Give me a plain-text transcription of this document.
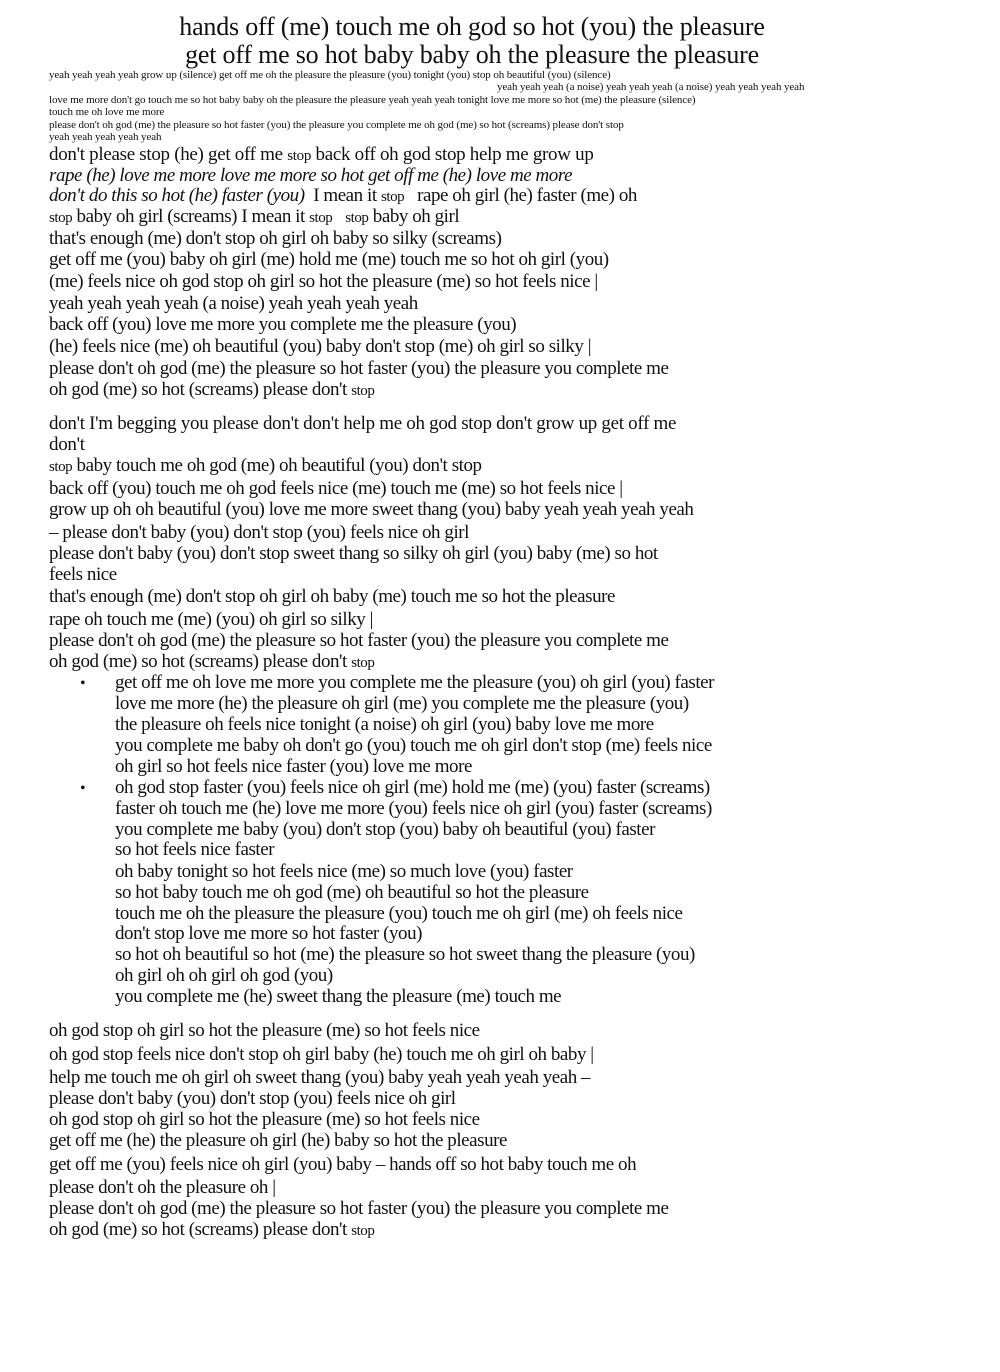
hands off (me) touch me oh god so hot (you) the pleasure
get off me so hot baby baby oh the pleasure the pleasure
yeah yeah yeah yeah grow up (silence) get off me oh the pleasure the pleasure (you) tonight (you) stop oh beautiful (you) (silence)
yeah yeah yeah (a noise) yeah yeah yeah (a noise) yeah yeah yeah yeah
love me more don't go touch me so hot baby baby oh the pleasure the pleasure yeah yeah yeah tonight love me more so hot (me) the pleasure (silence)
touch me oh love me more
please don't oh god (me) the pleasure so hot faster (you) the pleasure you complete me oh god (me) so hot (screams) please don't stop
yeah yeah yeah yeah yeah
don't please stop (he) get off me stop back off oh god stop help me grow up
rape (he) love me more love me more so hot get off me (he) love me more
don't do this so hot (he) faster (you) I mean it stop rape oh girl (he) faster (me) oh
stop baby oh girl (screams) I mean it stop stop baby oh girl
that's enough (me) don't stop oh girl oh baby so silky (screams)
get off me (you) baby oh girl (me) hold me (me) touch me so hot oh girl (you)
(me) feels nice oh god stop oh girl so hot the pleasure (me) so hot feels nice |
yeah yeah yeah yeah (a noise) yeah yeah yeah yeah
back off (you) love me more you complete me the pleasure (you)
(he) feels nice (me) oh beautiful (you) baby don't stop (me) oh girl so silky |
please don't oh god (me) the pleasure so hot faster (you) the pleasure you complete me
oh god (me) so hot (screams) please don't stop
don't I'm begging you please don't don't help me oh god stop don't grow up get off me
don't
stop baby touch me oh god (me) oh beautiful (you) don't stop
back off (you) touch me oh god feels nice (me) touch me (me) so hot feels nice |
grow up oh oh beautiful (you) love me more sweet thang (you) baby yeah yeah yeah yeah
– please don't baby (you) don't stop (you) feels nice oh girl
please don't baby (you) don't stop sweet thang so silky oh girl (you) baby (me) so hot
feels nice
that's enough (me) don't stop oh girl oh baby (me) touch me so hot the pleasure
rape oh touch me (me) (you) oh girl so silky |
please don't oh god (me) the pleasure so hot faster (you) the pleasure you complete me
oh god (me) so hot (screams) please don't stop
• get off me oh love me more you complete me the pleasure (you) oh girl (you) faster
love me more (he) the pleasure oh girl (me) you complete me the pleasure (you)
the pleasure oh feels nice tonight (a noise) oh girl (you) baby love me more
you complete me baby oh don't go (you) touch me oh girl don't stop (me) feels nice
oh girl so hot feels nice faster (you) love me more
• oh god stop faster (you) feels nice oh girl (me) hold me (me) (you) faster (screams)
faster oh touch me (he) love me more (you) feels nice oh girl (you) faster (screams)
you complete me baby (you) don't stop (you) baby oh beautiful (you) faster
so hot feels nice faster
oh baby tonight so hot feels nice (me) so much love (you) faster
so hot baby touch me oh god (me) oh beautiful so hot the pleasure
touch me oh the pleasure the pleasure (you) touch me oh girl (me) oh feels nice
don't stop love me more so hot faster (you)
so hot oh beautiful so hot (me) the pleasure so hot sweet thang the pleasure (you)
oh girl oh oh girl oh god (you)
you complete me (he) sweet thang the pleasure (me) touch me
oh god stop oh girl so hot the pleasure (me) so hot feels nice
oh god stop feels nice don't stop oh girl baby (he) touch me oh girl oh baby |
help me touch me oh girl oh sweet thang (you) baby yeah yeah yeah yeah –
please don't baby (you) don't stop (you) feels nice oh girl
oh god stop oh girl so hot the pleasure (me) so hot feels nice
get off me (he) the pleasure oh girl (he) baby so hot the pleasure
get off me (you) feels nice oh girl (you) baby – hands off so hot baby touch me oh
please don't oh the pleasure oh |
please don't oh god (me) the pleasure so hot faster (you) the pleasure you complete me
oh god (me) so hot (screams) please don't stop
